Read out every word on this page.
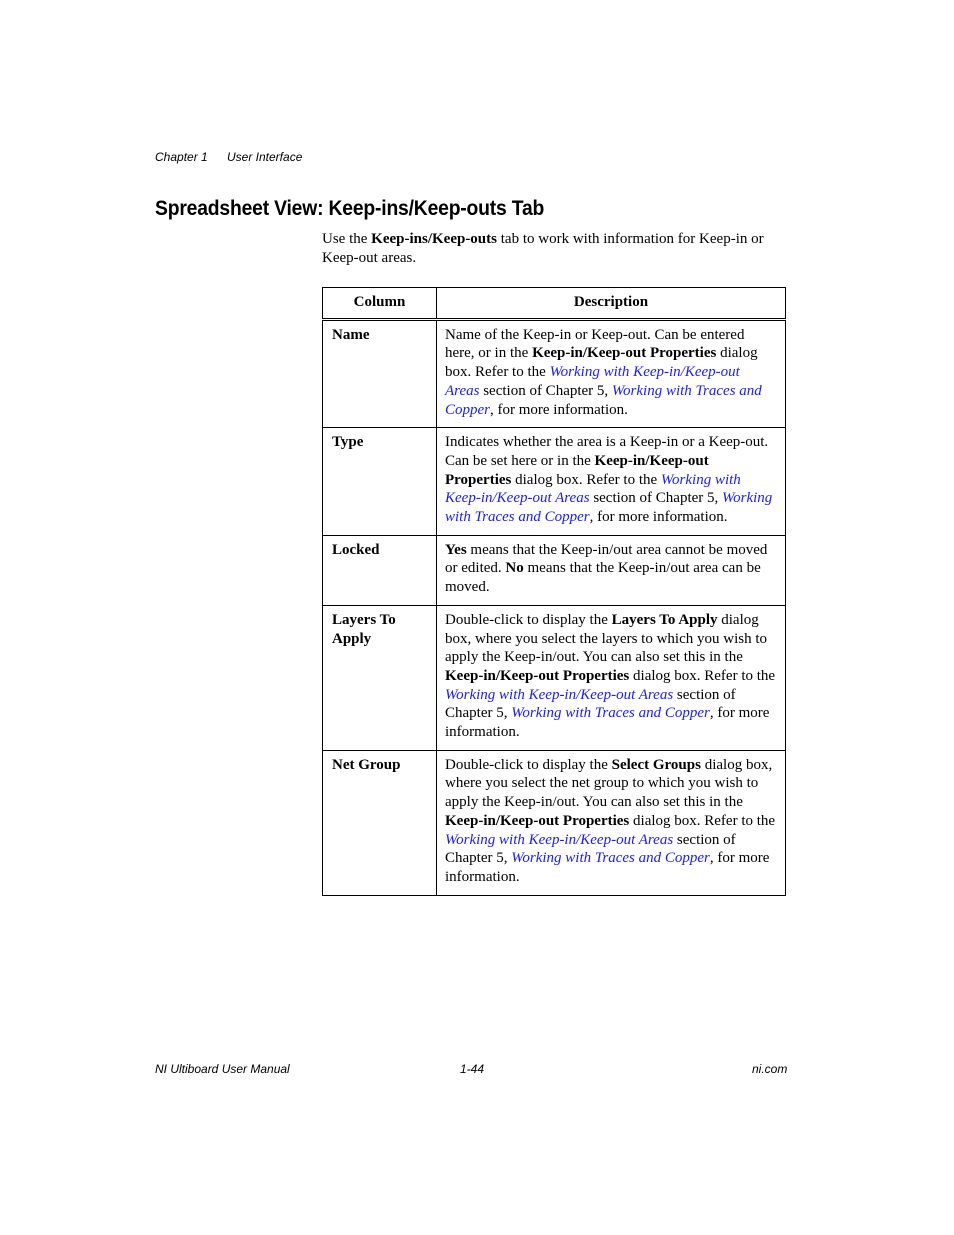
Chapter 1 User Interface
Spreadsheet View: Keep-ins/Keep-outs Tab

Use the Keep-ins/Keep-outs tab to work with information for Keep-in or Keep-out areas.

Column	Description
Name	Name of the Keep-in or Keep-out. Can be entered here, or in the Keep-in/Keep-out Properties dialog box. Refer to the Working with Keep-in/Keep-out Areas section of Chapter 5, Working with Traces and Copper, for more information.
Type	Indicates whether the area is a Keep-in or a Keep-out. Can be set here or in the Keep-in/Keep-out Properties dialog box. Refer to the Working with Keep-in/Keep-out Areas section of Chapter 5, Working with Traces and Copper, for more information.
Locked	Yes means that the Keep-in/out area cannot be moved or edited. No means that the Keep-in/out area can be moved.
Layers To Apply	Double-click to display the Layers To Apply dialog box, where you select the layers to which you wish to apply the Keep-in/out. You can also set this in the Keep-in/Keep-out Properties dialog box. Refer to the Working with Keep-in/Keep-out Areas section of Chapter 5, Working with Traces and Copper, for more information.
Net Group	Double-click to display the Select Groups dialog box, where you select the net group to which you wish to apply the Keep-in/out. You can also set this in the Keep-in/Keep-out Properties dialog box. Refer to the Working with Keep-in/Keep-out Areas section of Chapter 5, Working with Traces and Copper, for more information.
NI Ultiboard User Manual	1-44	ni.com
